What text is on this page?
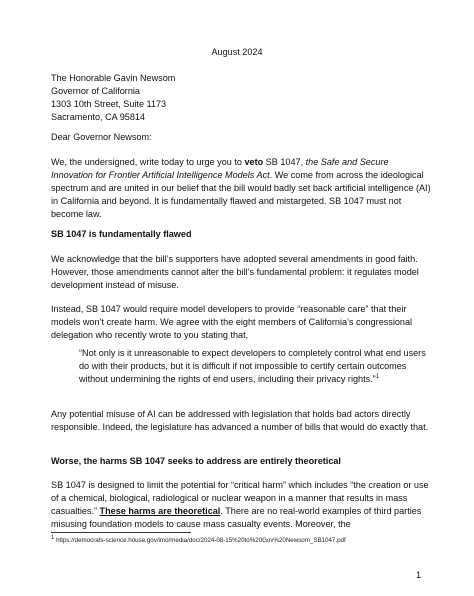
August 2024
The Honorable Gavin Newsom
Governor of California
1303 10th Street, Suite 1173
Sacramento, CA 95814

Dear Governor Newsom:

We, the undersigned, write today to urge you to veto SB 1047, the Safe and Secure Innovation for Frontier Artificial Intelligence Models Act. We come from across the ideological spectrum and are united in our belief that the bill would badly set back artificial intelligence (AI) in California and beyond. It is fundamentally flawed and mistargeted. SB 1047 must not become law.

SB 1047 is fundamentally flawed

We acknowledge that the bill’s supporters have adopted several amendments in good faith. However, those amendments cannot alter the bill’s fundamental problem: it regulates model development instead of misuse.

Instead, SB 1047 would require model developers to provide “reasonable care” that their models won’t create harm. We agree with the eight members of California’s congressional delegation who recently wrote to you stating that,

“Not only is it unreasonable to expect developers to completely control what end users do with their products, but it is difficult if not impossible to certify certain outcomes without undermining the rights of end users, including their privacy rights.”$^1$

Any potential misuse of AI can be addressed with legislation that holds bad actors directly responsible. Indeed, the legislature has advanced a number of bills that would do exactly that.

Worse, the harms SB 1047 seeks to address are entirely theoretical

SB 1047 is designed to limit the potential for “critical harm” which includes “the creation or use of a chemical, biological, radiological or nuclear weapon in a manner that results in mass casualties.” These harms are theoretical. There are no real-world examples of third parties misusing foundation models to cause mass casualty events. Moreover, the

$^1$ https://democrats-science.house.gov/imo/media/doc/2024-08-15%20to%20Gov%20Newsom_SB1047.pdf
1
